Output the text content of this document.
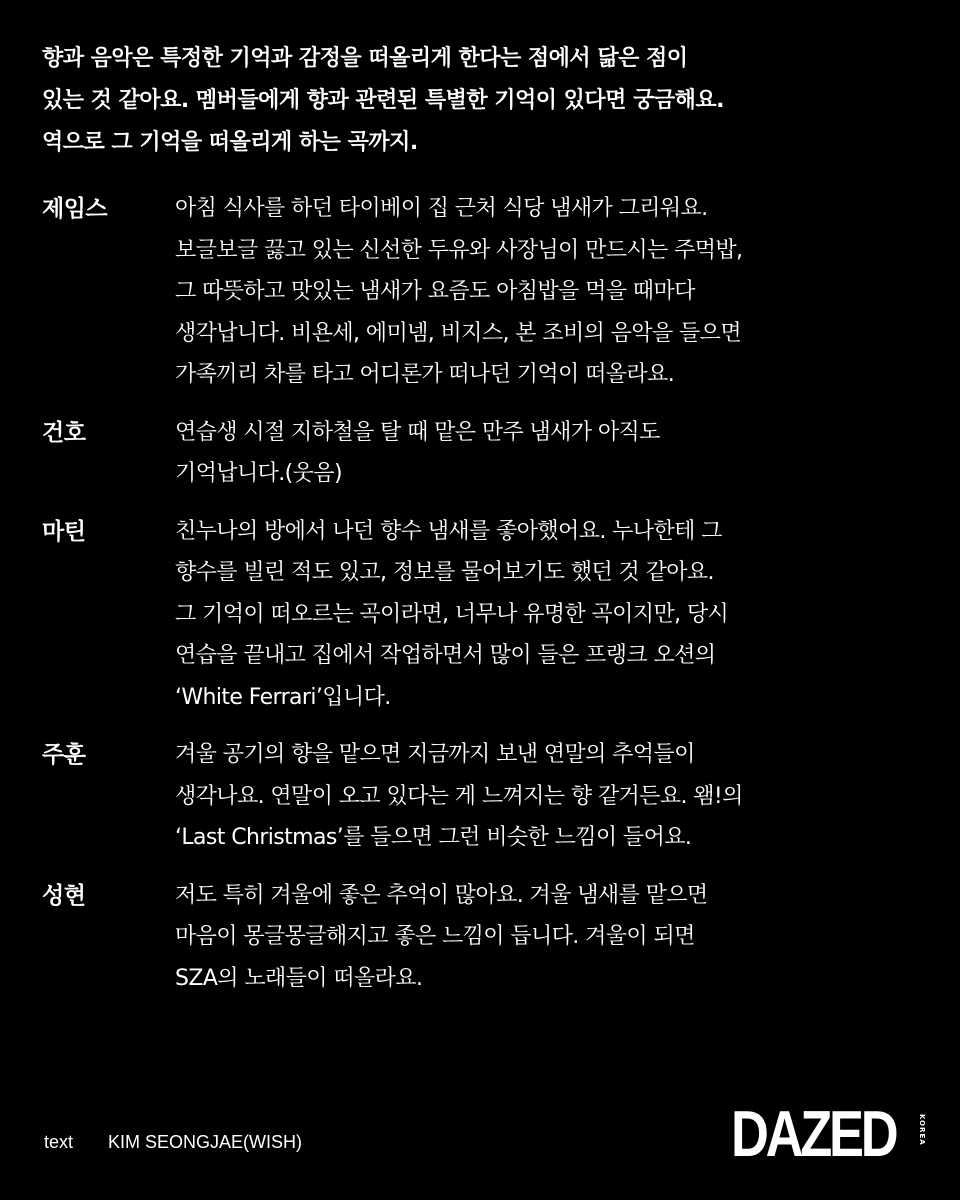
향과 음악은 특정한 기억과 감정을 떠올리게 한다는 점에서 닮은 점이
있는 것 같아요. 멤버들에게 향과 관련된 특별한 기억이 있다면 궁금해요.
역으로 그 기억을 떠올리게 하는 곡까지.
제임스	아침 식사를 하던 타이베이 집 근처 식당 냄새가 그리워요.
보글보글 끓고 있는 신선한 두유와 사장님이 만드시는 주먹밥,
그 따뜻하고 맛있는 냄새가 요즘도 아침밥을 먹을 때마다
생각납니다. 비욘세, 에미넴, 비지스, 본 조비의 음악을 들으면
가족끼리 차를 타고 어디론가 떠나던 기억이 떠올라요.
건호	연습생 시절 지하철을 탈 때 맡은 만주 냄새가 아직도
기억납니다.(웃음)
마틴	친누나의 방에서 나던 향수 냄새를 좋아했어요. 누나한테 그
향수를 빌린 적도 있고, 정보를 물어보기도 했던 것 같아요.
그 기억이 떠오르는 곡이라면, 너무나 유명한 곡이지만, 당시
연습을 끝내고 집에서 작업하면서 많이 들은 프랭크 오션의
‘White Ferrari’입니다.
주훈	겨울 공기의 향을 맡으면 지금까지 보낸 연말의 추억들이
생각나요. 연말이 오고 있다는 게 느껴지는 향 같거든요. 왬!의
‘Last Christmas’를 들으면 그런 비슷한 느낌이 들어요.
성현	저도 특히 겨울에 좋은 추억이 많아요. 겨울 냄새를 맡으면
마음이 몽글몽글해지고 좋은 느낌이 듭니다. 겨울이 되면
SZA의 노래들이 떠올라요.
text	KIM SEONGJAE(WISH)	DAZED	KOREA
